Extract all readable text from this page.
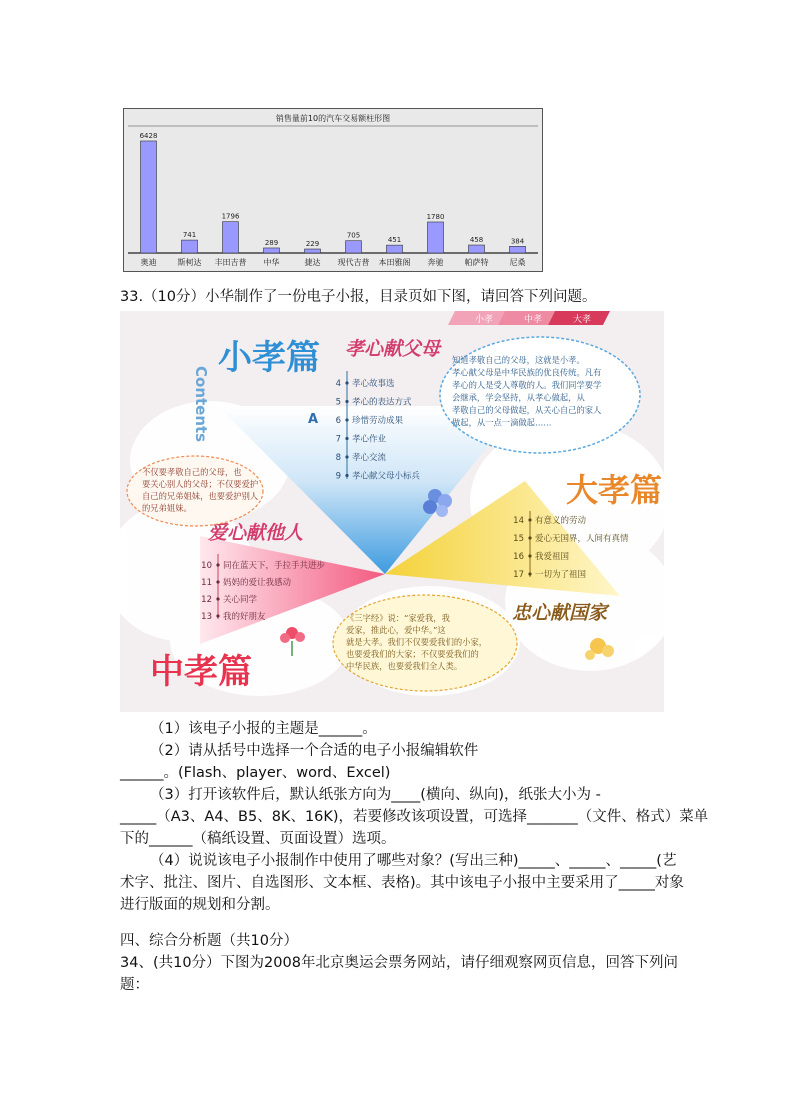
销售量前10的汽车交易额柱形图
6428
奥迪
741
斯柯达
1796
丰田吉普
289
中华
229
捷达
705
现代吉普
451
本田雅阁
1780
奔驰
458
帕萨特
384
尼桑
33.（10分）小华制作了一份电子小报，目录页如下图，请回答下列问题。
小孝	中孝	大孝
小孝篇 孝心献父母
中孝篇
爱心献他人
大孝篇
忠心献国家
Contents	A
4 孝心故事选
5 孝心的表达方式
6 珍惜劳动成果
7 孝心作业
8 孝心交流
9 孝心献父母小标兵
10 同在蓝天下，手拉手共进步
11 妈妈的爱让我感动
12 关心同学
13 我的好朋友
14 有意义的劳动
15 爱心无国界，人间有真情
16 我爱祖国
17 一切为了祖国
知道孝敬自己的父母，这就是小孝。
孝心献父母是中华民族的优良传统。凡有
孝心的人是受人尊敬的人。我们同学要学
会继承，学会坚持，从孝心做起，从
孝敬自己的父母做起，从关心自己的家人
做起，从一点一滴做起……
不仅要孝敬自己的父母，也
要关心别人的父母；不仅要爱护
自己的兄弟姐妹，也要爱护别人
的兄弟姐妹。
《三字经》说：“家爱我，我
爱家，推此心，爱中华。”这
就是大孝。我们不仅要爱我们的小家，
也要爱我们的大家；不仅要爱我们的
中华民族，也要爱我们全人类。
（1）该电子小报的主题是______。
（2）请从括号中选择一个合适的电子小报编辑软件
______。(Flash、player、word、Excel)
（3）打开该软件后，默认纸张方向为____(横向、纵向)，纸张大小为 -
_____（A3、A4、B5、8K、16K)，若要修改该项设置，可选择_______（文件、格式）菜单
下的______（稿纸设置、页面设置）选项。
（4）说说该电子小报制作中使用了哪些对象？(写出三种)_____、_____、_____(艺
术字、批注、图片、自选图形、文本框、表格)。其中该电子小报中主要采用了_____对象
进行版面的规划和分割。
四、综合分析题（共10分）
34、(共10分）下图为2008年北京奥运会票务网站，请仔细观察网页信息，回答下列问
题：
